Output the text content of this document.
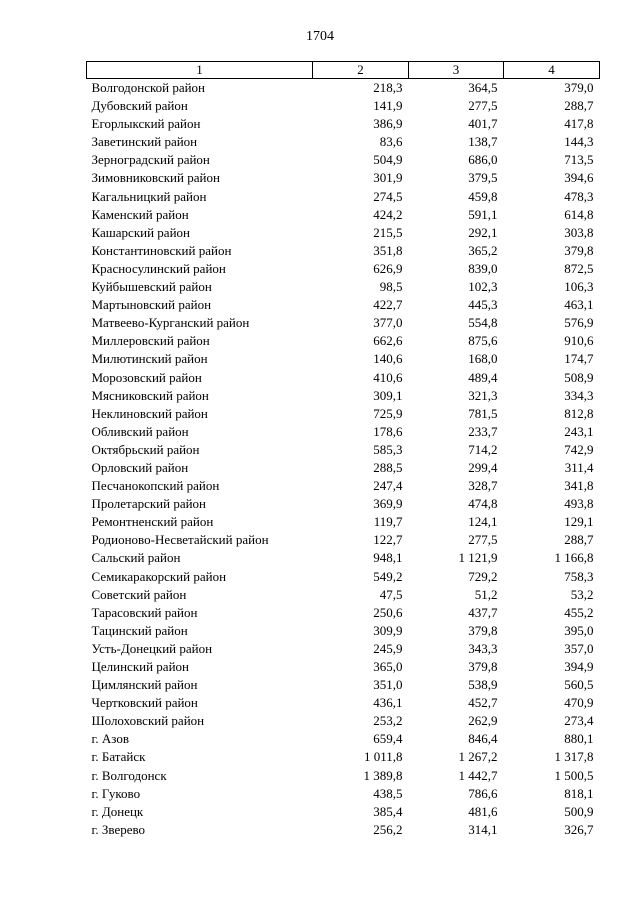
1704
1	2	3	4
Волгодонской район	218,3	364,5	379,0
Дубовский район	141,9	277,5	288,7
Егорлыкский район	386,9	401,7	417,8
Заветинский район	83,6	138,7	144,3
Зерноградский район	504,9	686,0	713,5
Зимовниковский район	301,9	379,5	394,6
Кагальницкий район	274,5	459,8	478,3
Каменский район	424,2	591,1	614,8
Кашарский район	215,5	292,1	303,8
Константиновский район	351,8	365,2	379,8
Красносулинский район	626,9	839,0	872,5
Куйбышевский район	98,5	102,3	106,3
Мартыновский район	422,7	445,3	463,1
Матвеево-Курганский район	377,0	554,8	576,9
Миллеровский район	662,6	875,6	910,6
Милютинский район	140,6	168,0	174,7
Морозовский район	410,6	489,4	508,9
Мясниковский район	309,1	321,3	334,3
Неклиновский район	725,9	781,5	812,8
Обливский район	178,6	233,7	243,1
Октябрьский район	585,3	714,2	742,9
Орловский район	288,5	299,4	311,4
Песчанокопский район	247,4	328,7	341,8
Пролетарский район	369,9	474,8	493,8
Ремонтненский район	119,7	124,1	129,1
Родионово-Несветайский район	122,7	277,5	288,7
Сальский район	948,1	1 121,9	1 166,8
Семикаракорский район	549,2	729,2	758,3
Советский район	47,5	51,2	53,2
Тарасовский район	250,6	437,7	455,2
Тацинский район	309,9	379,8	395,0
Усть-Донецкий район	245,9	343,3	357,0
Целинский район	365,0	379,8	394,9
Цимлянский район	351,0	538,9	560,5
Чертковский район	436,1	452,7	470,9
Шолоховский район	253,2	262,9	273,4
г. Азов	659,4	846,4	880,1
г. Батайск	1 011,8	1 267,2	1 317,8
г. Волгодонск	1 389,8	1 442,7	1 500,5
г. Гуково	438,5	786,6	818,1
г. Донецк	385,4	481,6	500,9
г. Зверево	256,2	314,1	326,7
